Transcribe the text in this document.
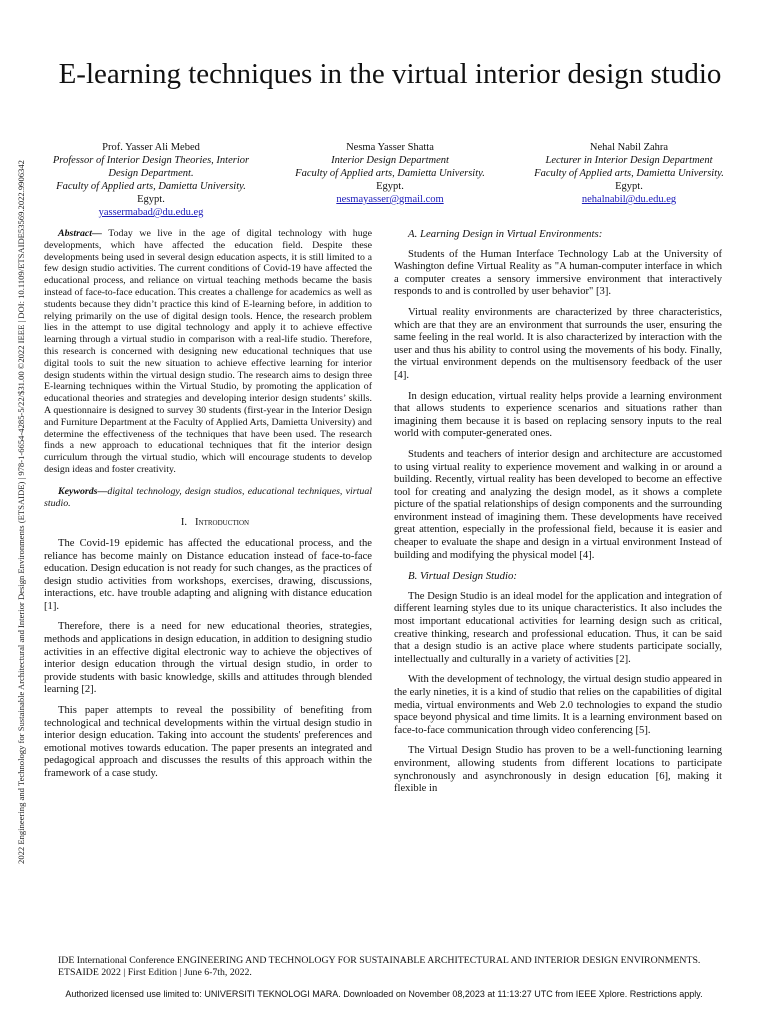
2022 Engineering and Technology for Sustainable Architectural and Interior Design Environments (ETSAIDE) | 978-1-6654-4285-5/22/$31.00 ©2022 IEEE | DOI: 10.1109/ETSAIDE53569.2022.9906342
E-learning techniques in the virtual interior design studio
Prof. Yasser Ali Mebed
Professor of Interior Design Theories, Interior Design Department.
Faculty of Applied arts, Damietta University.
Egypt.
yassermabad@du.edu.eg
Nesma Yasser Shatta
Interior Design Department
Faculty of Applied arts, Damietta University.
Egypt.
nesmayasser@gmail.com
Nehal Nabil Zahra
Lecturer in Interior Design Department
Faculty of Applied arts, Damietta University.
Egypt.
nehalnabil@du.edu.eg

Abstract— Today we live in the age of digital technology with huge developments, which have affected the education field. Despite these developments being used in several design education aspects, it is still limited to a few design studio activities. The current conditions of Covid-19 have affected the educational process, and reliance on virtual teaching methods became the basis instead of face-to-face education. This creates a challenge for academics as well as students because they didn’t practice this kind of E-learning before, in addition to relying primarily on the use of digital design tools. Hence, the research problem lies in the attempt to use digital technology and apply it to achieve effective learning through a virtual studio in comparison with a real-life studio. Therefore, this research is concerned with designing new educational techniques that use digital tools to suit the new situation to achieve effective learning for interior design students within the virtual design studio. The research aims to design three E-learning techniques within the Virtual Studio, by promoting the application of educational theories and strategies and developing interior design students’ skills. A questionnaire is designed to survey 30 students (first-year in the Interior Design and Furniture Department at the Faculty of Applied Arts, Damietta University) and determine the effectiveness of the techniques that have been used. The research finds a new approach to educational techniques that fit the interior design curriculum through the virtual studio, which will encourage students to develop design ideas and foster creativity.

Keywords—digital technology, design studios, educational techniques, virtual studio.

I. Introduction

The Covid-19 epidemic has affected the educational process, and the reliance has become mainly on Distance education instead of face-to-face education. Design education is not ready for such changes, as the practices of design studio activities from workshops, exercises, drawing, discussions, interactions, etc. have trouble adapting and aligning with distance education [1].

Therefore, there is a need for new educational theories, strategies, methods and applications in design education, in addition to designing studio activities in an effective digital electronic way to achieve the objectives of interior design education through the virtual design studio, in order to provide students with basic knowledge, skills and attitudes through blended learning [2].

This paper attempts to reveal the possibility of benefiting from technological and technical developments within the virtual design studio in interior design education. Taking into account the students' preferences and emotional motives towards education. The paper presents an integrated and pedagogical approach and discusses the results of this approach within the framework of a case study.

A. Learning Design in Virtual Environments:

Students of the Human Interface Technology Lab at the University of Washington define Virtual Reality as "A human-computer interface in which a computer creates a sensory immersive environment that interactively responds to and is controlled by user behavior" [3].

Virtual reality environments are characterized by three characteristics, which are that they are an environment that surrounds the user, ensuring the same feeling in the real world. It is also characterized by interaction with the user and thus his ability to control using the movements of his body. Finally, the virtual environment depends on the multisensory feedback of the user [4].

In design education, virtual reality helps provide a learning environment that allows students to experience scenarios and situations rather than imagining them because it is based on replacing sensory inputs to the real world with computer-generated ones.

Students and teachers of interior design and architecture are accustomed to using virtual reality to experience movement and walking in or around a building. Recently, virtual reality has been developed to become an effective tool for creating and analyzing the design model, as it shows a complete picture of the spatial relationships of design components and the surrounding environment instead of imagining them. These developments have received great attention, especially in the professional field, because it is easier and cheaper to evaluate the shape and design in a virtual environment Instead of building and modifying the physical model [4].

B. Virtual Design Studio:

The Design Studio is an ideal model for the application and integration of different learning styles due to its unique characteristics. It also includes the most important educational activities for learning design such as critical, creative thinking, research and professional education. Thus, it can be said that a design studio is an active place where students participate socially, intellectually and culturally in a variety of activities [2].

With the development of technology, the virtual design studio appeared in the early nineties, it is a kind of studio that relies on the capabilities of digital media, virtual environments and Web 2.0 technologies to expand the studio space beyond physical and time limits. It is a learning environment based on face-to-face communication through video conferencing [5].

The Virtual Design Studio has proven to be a well-functioning learning environment, allowing students from different locations to participate synchronously and asynchronously in design education [6], making it flexible in

IDE International Conference ENGINEERING AND TECHNOLOGY FOR SUSTAINABLE ARCHITECTURAL AND INTERIOR DESIGN ENVIRONMENTS. ETSAIDE 2022 | First Edition | June 6-7th, 2022.
Authorized licensed use limited to: UNIVERSITI TEKNOLOGI MARA. Downloaded on November 08,2023 at 11:13:27 UTC from IEEE Xplore. Restrictions apply.
